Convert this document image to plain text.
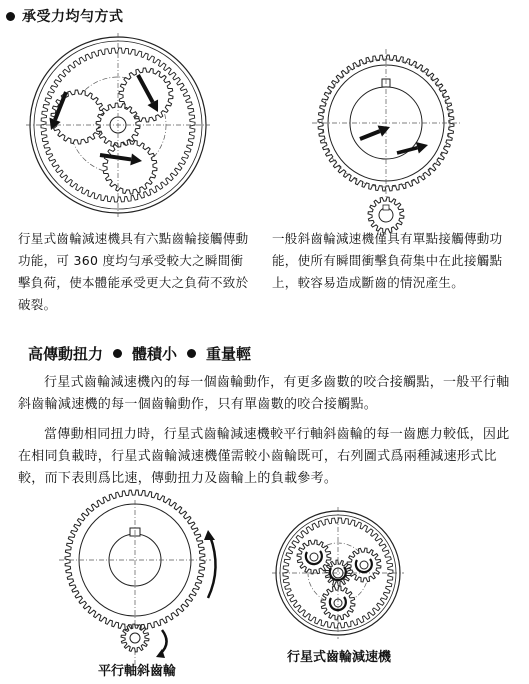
承受力均勻方式
行星式齒輪減速機具有六點齒輪接觸傳動功能，可 360 度均勻承受較大之瞬間衝擊負荷，使本體能承受更大之負荷不致於破裂。
一般斜齒輪減速機僅具有單點接觸傳動功能，使所有瞬間衝擊負荷集中在此接觸點上，較容易造成斷齒的情況產生。
高傳動扭力 體積小 重量輕
行星式齒輪減速機內的每一個齒輪動作，有更多齒數的咬合接觸點，一般平行軸斜齒輪減速機的每一個齒輪動作，只有單齒數的咬合接觸點。
當傳動相同扭力時，行星式齒輪減速機較平行軸斜齒輪的每一齒應力較低，因此在相同負載時，行星式齒輪減速機僅需較小齒輪既可，右列圖式爲兩種減速形式比較，而下表則爲比速，傳動扭力及齒輪上的負載參考。
平行軸斜齒輪
行星式齒輪減速機
